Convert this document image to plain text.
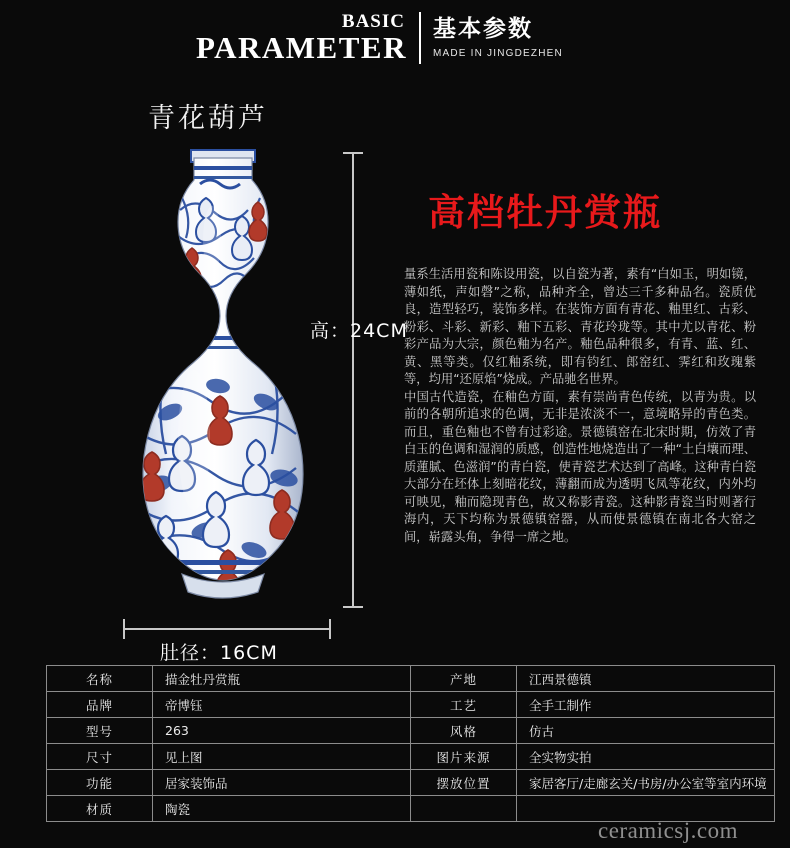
BASIC
PARAMETER
基本参数
MADE IN JINGDEZHEN
青花葫芦
高：24CM
肚径：16CM
高档牡丹赏瓶

量系生活用瓷和陈设用瓷，以自瓷为著，素有“白如玉，明如镜，薄如纸，声如磬”之称，品种齐全，曾达三千多种品名。瓷质优良，造型轻巧，装饰多样。在装饰方面有青花、釉里红、古彩、粉彩、斗彩、新彩、釉下五彩、青花玲珑等。其中尤以青花、粉彩产品为大宗，颜色釉为名产。釉色品种很多，有青、蓝、红、黄、黑等类。仅红釉系统，即有钧红、郎窑红、霁红和玫瑰紫等，均用“还原焰”烧成。产品驰名世界。

中国古代造瓷，在釉色方面，素有崇尚青色传统，以青为贵。以前的各朝所追求的色调，无非是浓淡不一，意境略异的青色类。而且，重色釉也不曾有过彩途。景德镇窑在北宋时期，仿效了青白玉的色调和湿润的质感，创造性地烧造出了一种“土白壤而理、质蓮腻、色滋润”的青白瓷，使青瓷艺术达到了高峰。这种青白瓷大部分在坯体上刻暗花纹，薄翻而成为透明飞凤等花纹，内外均可映见，釉而隐现青色，故又称影青瓷。这种影青瓷当时则著行海内，天下均称为景德镇窑器，从而使景德镇在南北各大窑之间，崭露头角，争得一席之地。

名称	描金牡丹赏瓶	产地	江西景德镇
品牌	帝博钰	工艺	全手工制作
型号	263	风格	仿古
尺寸	见上图	图片来源	全实物实拍
功能	居家装饰品	摆放位置	家居客厅/走廊玄关/书房/办公室等室内环境
材质	陶瓷		
ceramicsj.com
